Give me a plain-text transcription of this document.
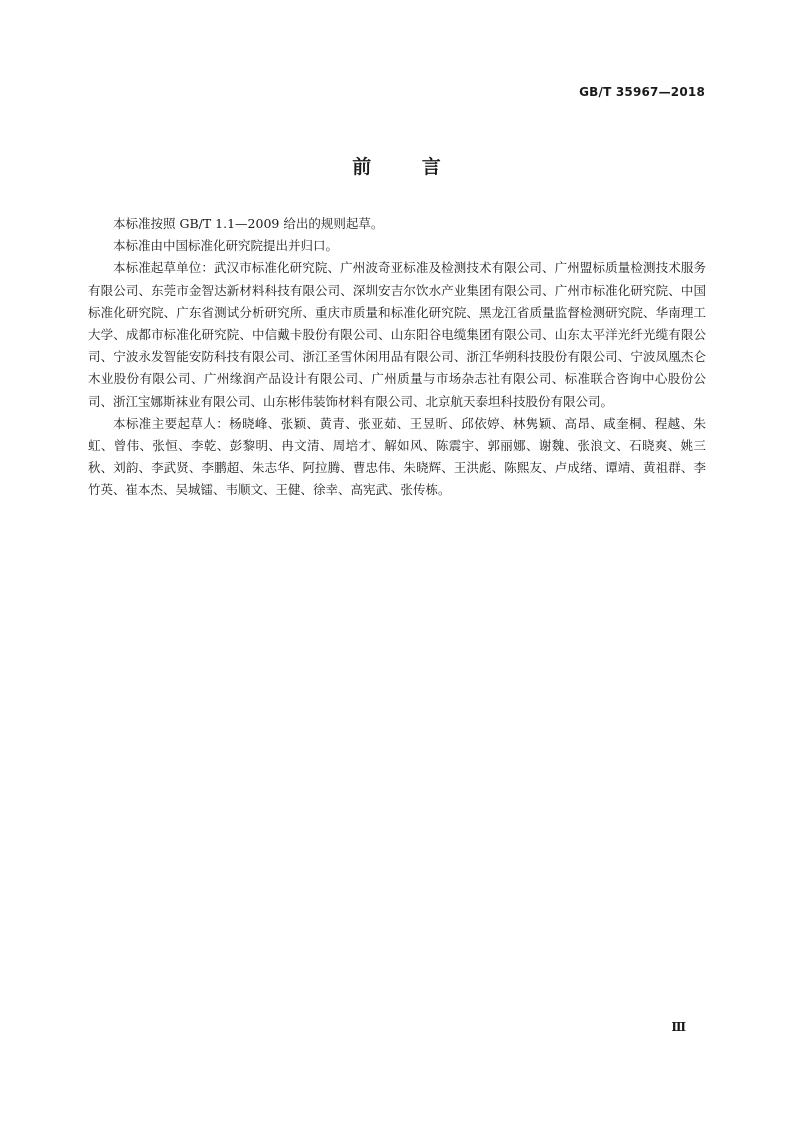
GB/T 35967—2018
前 言

本标准按照 GB/T 1.1—2009 给出的规则起草。

本标准由中国标准化研究院提出并归口。

本标准起草单位：武汉市标准化研究院、广州波奇亚标准及检测技术有限公司、广州盟标质量检测技术服务有限公司、东莞市金智达新材料科技有限公司、深圳安吉尔饮水产业集团有限公司、广州市标准化研究院、中国标准化研究院、广东省测试分析研究所、重庆市质量和标准化研究院、黑龙江省质量监督检测研究院、华南理工大学、成都市标准化研究院、中信戴卡股份有限公司、山东阳谷电缆集团有限公司、山东太平洋光纤光缆有限公司、宁波永发智能安防科技有限公司、浙江圣雪休闲用品有限公司、浙江华朔科技股份有限公司、宁波凤凰杰仑木业股份有限公司、广州缘润产品设计有限公司、广州质量与市场杂志社有限公司、标准联合咨询中心股份公司、浙江宝娜斯袜业有限公司、山东彬伟装饰材料有限公司、北京航天泰坦科技股份有限公司。

本标准主要起草人：杨晓峰、张颖、黄青、张亚茹、王昱昕、邱依婷、林隽颖、高昂、咸奎桐、程越、朱虹、曾伟、张恒、李乾、彭黎明、冉文清、周培才、解如风、陈震宇、郭丽娜、谢魏、张浪文、石晓爽、姚三秋、刘韵、李武贤、李鹏超、朱志华、阿拉腾、曹忠伟、朱晓辉、王洪彪、陈熙友、卢成绪、谭靖、黄祖群、李竹英、崔本杰、吴城镭、韦顺文、王健、徐幸、高宪武、张传栋。

Ⅲ
